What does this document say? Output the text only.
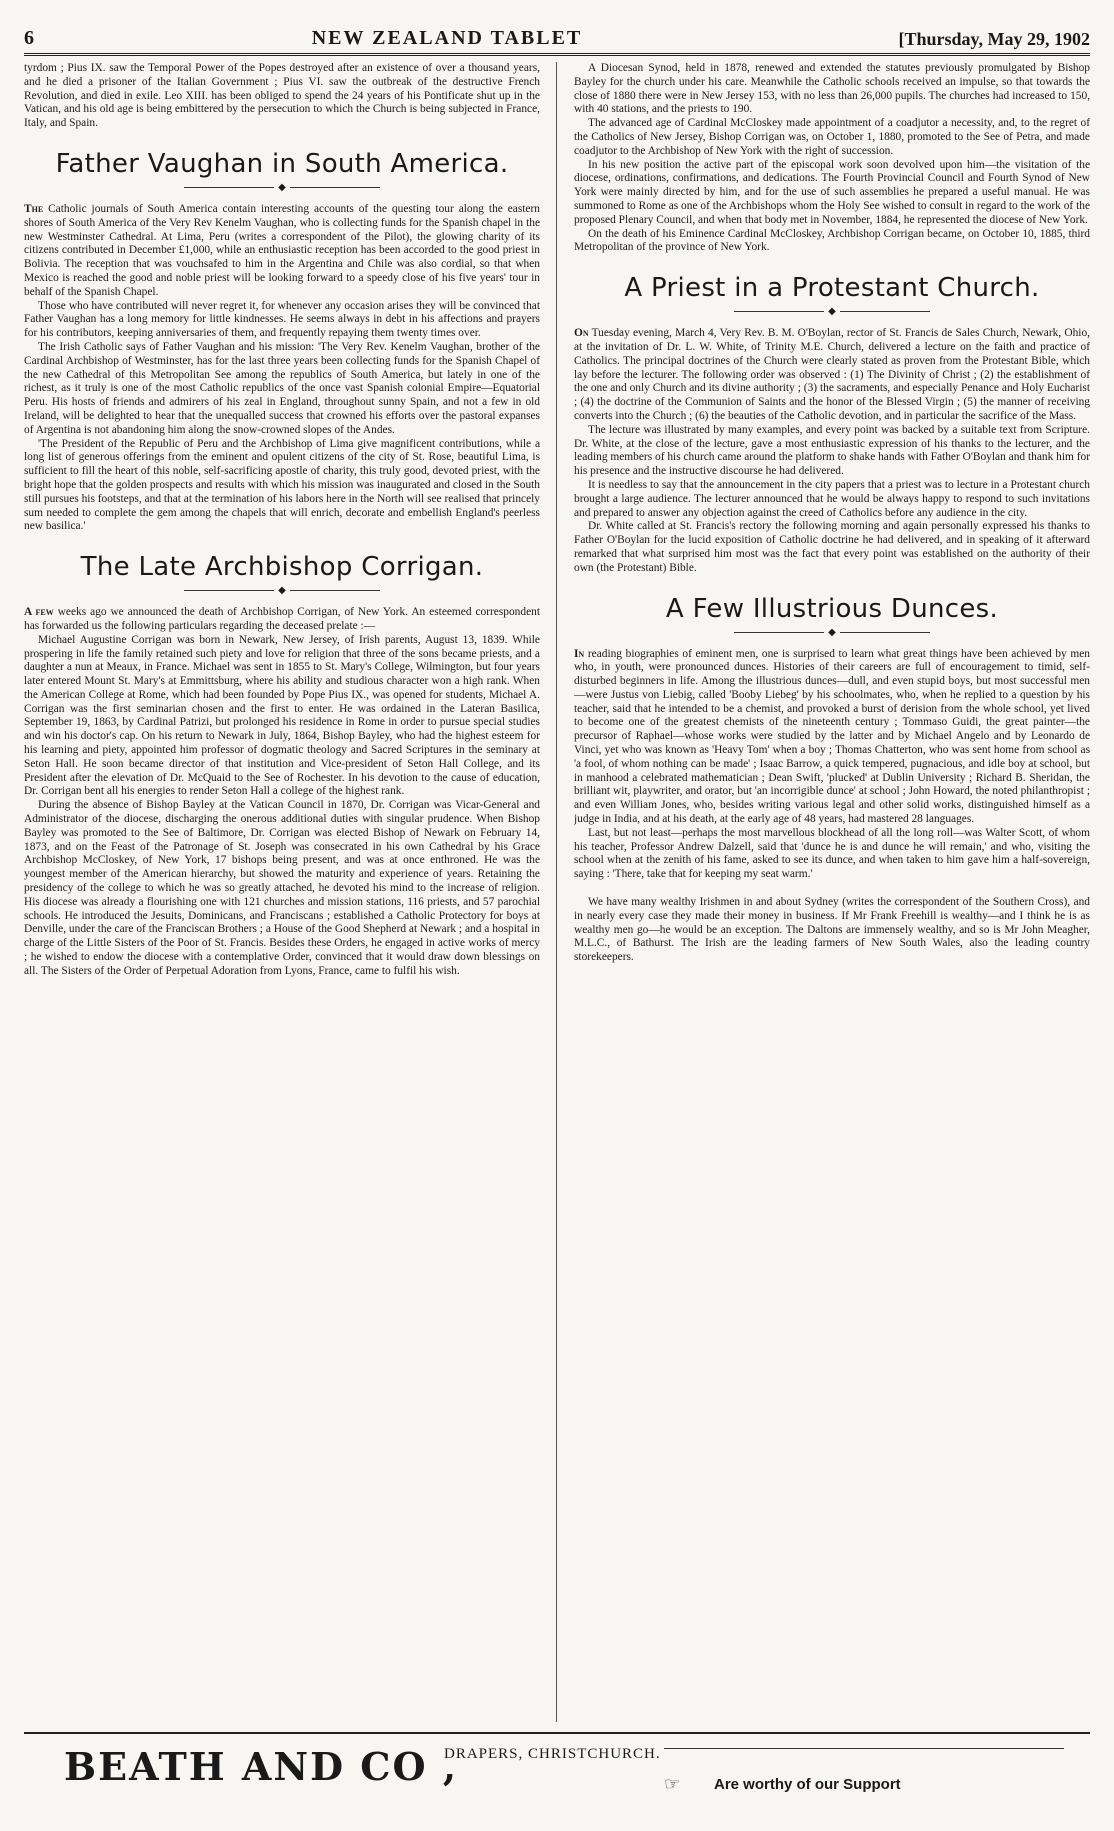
6	NEW ZEALAND TABLET	[Thursday, May 29, 1902

tyrdom ; Pius IX. saw the Temporal Power of the Popes destroyed after an existence of over a thousand years, and he died a prisoner of the Italian Government ; Pius VI. saw the outbreak of the destructive French Revolution, and died in exile. Leo XIII. has been obliged to spend the 24 years of his Pontificate shut up in the Vatican, and his old age is being embittered by the persecution to which the Church is being subjected in France, Italy, and Spain.

Father Vaughan in South America.
◆

The Catholic journals of South America contain interesting accounts of the questing tour along the eastern shores of South America of the Very Rev Kenelm Vaughan, who is collecting funds for the Spanish chapel in the new Westminster Cathedral. At Lima, Peru (writes a correspondent of the Pilot), the glowing charity of its citizens contributed in December £1,000, while an enthusiastic reception has been accorded to the good priest in Bolivia. The reception that was vouchsafed to him in the Argentina and Chile was also cordial, so that when Mexico is reached the good and noble priest will be looking forward to a speedy close of his five years' tour in behalf of the Spanish Chapel.

Those who have contributed will never regret it, for whenever any occasion arises they will be convinced that Father Vaughan has a long memory for little kindnesses. He seems always in debt in his affections and prayers for his contributors, keeping anniversaries of them, and frequently repaying them twenty times over.

The Irish Catholic says of Father Vaughan and his mission: 'The Very Rev. Kenelm Vaughan, brother of the Cardinal Archbishop of Westminster, has for the last three years been collecting funds for the Spanish Chapel of the new Cathedral of this Metropolitan See among the republics of South America, but lately in one of the richest, as it truly is one of the most Catholic republics of the once vast Spanish colonial Empire—Equatorial Peru. His hosts of friends and admirers of his zeal in England, throughout sunny Spain, and not a few in old Ireland, will be delighted to hear that the unequalled success that crowned his efforts over the pastoral expanses of Argentina is not abandoning him along the snow-crowned slopes of the Andes.

'The President of the Republic of Peru and the Archbishop of Lima give magnificent contributions, while a long list of generous offerings from the eminent and opulent citizens of the city of St. Rose, beautiful Lima, is sufficient to fill the heart of this noble, self-sacrificing apostle of charity, this truly good, devoted priest, with the bright hope that the golden prospects and results with which his mission was inaugurated and closed in the South still pursues his footsteps, and that at the termination of his labors here in the North will see realised that princely sum needed to complete the gem among the chapels that will enrich, decorate and embellish England's peerless new basilica.'

The Late Archbishop Corrigan.
◆

A few weeks ago we announced the death of Archbishop Corrigan, of New York. An esteemed correspondent has forwarded us the following particulars regarding the deceased prelate :—

Michael Augustine Corrigan was born in Newark, New Jersey, of Irish parents, August 13, 1839. While prospering in life the family retained such piety and love for religion that three of the sons became priests, and a daughter a nun at Meaux, in France. Michael was sent in 1855 to St. Mary's College, Wilmington, but four years later entered Mount St. Mary's at Emmittsburg, where his ability and studious character won a high rank. When the American College at Rome, which had been founded by Pope Pius IX., was opened for students, Michael A. Corrigan was the first seminarian chosen and the first to enter. He was ordained in the Lateran Basilica, September 19, 1863, by Cardinal Patrizi, but prolonged his residence in Rome in order to pursue special studies and win his doctor's cap. On his return to Newark in July, 1864, Bishop Bayley, who had the highest esteem for his learning and piety, appointed him professor of dogmatic theology and Sacred Scriptures in the seminary at Seton Hall. He soon became director of that institution and Vice-president of Seton Hall College, and its President after the elevation of Dr. McQuaid to the See of Rochester. In his devotion to the cause of education, Dr. Corrigan bent all his energies to render Seton Hall a college of the highest rank.

During the absence of Bishop Bayley at the Vatican Council in 1870, Dr. Corrigan was Vicar-General and Administrator of the diocese, discharging the onerous additional duties with singular prudence. When Bishop Bayley was promoted to the See of Baltimore, Dr. Corrigan was elected Bishop of Newark on February 14, 1873, and on the Feast of the Patronage of St. Joseph was consecrated in his own Cathedral by his Grace Archbishop McCloskey, of New York, 17 bishops being present, and was at once enthroned. He was the youngest member of the American hierarchy, but showed the maturity and experience of years. Retaining the presidency of the college to which he was so greatly attached, he devoted his mind to the increase of religion. His diocese was already a flourishing one with 121 churches and mission stations, 116 priests, and 57 parochial schools. He introduced the Jesuits, Dominicans, and Franciscans ; established a Catholic Protectory for boys at Denville, under the care of the Franciscan Brothers ; a House of the Good Shepherd at Newark ; and a hospital in charge of the Little Sisters of the Poor of St. Francis. Besides these Orders, he engaged in active works of mercy ; he wished to endow the diocese with a contemplative Order, convinced that it would draw down blessings on all. The Sisters of the Order of Perpetual Adoration from Lyons, France, came to fulfil his wish.

A Diocesan Synod, held in 1878, renewed and extended the statutes previously promulgated by Bishop Bayley for the church under his care. Meanwhile the Catholic schools received an impulse, so that towards the close of 1880 there were in New Jersey 153, with no less than 26,000 pupils. The churches had increased to 150, with 40 stations, and the priests to 190.

The advanced age of Cardinal McCloskey made appointment of a coadjutor a necessity, and, to the regret of the Catholics of New Jersey, Bishop Corrigan was, on October 1, 1880, promoted to the See of Petra, and made coadjutor to the Archbishop of New York with the right of succession.

In his new position the active part of the episcopal work soon devolved upon him—the visitation of the diocese, ordinations, confirmations, and dedications. The Fourth Provincial Council and Fourth Synod of New York were mainly directed by him, and for the use of such assemblies he prepared a useful manual. He was summoned to Rome as one of the Archbishops whom the Holy See wished to consult in regard to the work of the proposed Plenary Council, and when that body met in November, 1884, he represented the diocese of New York.

On the death of his Eminence Cardinal McCloskey, Archbishop Corrigan became, on October 10, 1885, third Metropolitan of the province of New York.

A Priest in a Protestant Church.
◆

On Tuesday evening, March 4, Very Rev. B. M. O'Boylan, rector of St. Francis de Sales Church, Newark, Ohio, at the invitation of Dr. L. W. White, of Trinity M.E. Church, delivered a lecture on the faith and practice of Catholics. The principal doctrines of the Church were clearly stated as proven from the Protestant Bible, which lay before the lecturer. The following order was observed : (1) The Divinity of Christ ; (2) the establishment of the one and only Church and its divine authority ; (3) the sacraments, and especially Penance and Holy Eucharist ; (4) the doctrine of the Communion of Saints and the honor of the Blessed Virgin ; (5) the manner of receiving converts into the Church ; (6) the beauties of the Catholic devotion, and in particular the sacrifice of the Mass.

The lecture was illustrated by many examples, and every point was backed by a suitable text from Scripture. Dr. White, at the close of the lecture, gave a most enthusiastic expression of his thanks to the lecturer, and the leading members of his church came around the platform to shake hands with Father O'Boylan and thank him for his presence and the instructive discourse he had delivered.

It is needless to say that the announcement in the city papers that a priest was to lecture in a Protestant church brought a large audience. The lecturer announced that he would be always happy to respond to such invitations and prepared to answer any objection against the creed of Catholics before any audience in the city.

Dr. White called at St. Francis's rectory the following morning and again personally expressed his thanks to Father O'Boylan for the lucid exposition of Catholic doctrine he had delivered, and in speaking of it afterward remarked that what surprised him most was the fact that every point was established on the authority of their own (the Protestant) Bible.

A Few Illustrious Dunces.
◆

In reading biographies of eminent men, one is surprised to learn what great things have been achieved by men who, in youth, were pronounced dunces. Histories of their careers are full of encouragement to timid, self-disturbed beginners in life. Among the illustrious dunces—dull, and even stupid boys, but most successful men—were Justus von Liebig, called 'Booby Liebeg' by his schoolmates, who, when he replied to a question by his teacher, said that he intended to be a chemist, and provoked a burst of derision from the whole school, yet lived to become one of the greatest chemists of the nineteenth century ; Tommaso Guidi, the great painter—the precursor of Raphael—whose works were studied by the latter and by Michael Angelo and by Leonardo de Vinci, yet who was known as 'Heavy Tom' when a boy ; Thomas Chatterton, who was sent home from school as 'a fool, of whom nothing can be made' ; Isaac Barrow, a quick tempered, pugnacious, and idle boy at school, but in manhood a celebrated mathematician ; Dean Swift, 'plucked' at Dublin University ; Richard B. Sheridan, the brilliant wit, playwriter, and orator, but 'an incorrigible dunce' at school ; John Howard, the noted philanthropist ; and even William Jones, who, besides writing various legal and other solid works, distinguished himself as a judge in India, and at his death, at the early age of 48 years, had mastered 28 languages.

Last, but not least—perhaps the most marvellous blockhead of all the long roll—was Walter Scott, of whom his teacher, Professor Andrew Dalzell, said that 'dunce he is and dunce he will remain,' and who, visiting the school when at the zenith of his fame, asked to see its dunce, and when taken to him gave him a half-sovereign, saying : 'There, take that for keeping my seat warm.'

We have many wealthy Irishmen in and about Sydney (writes the correspondent of the Southern Cross), and in nearly every case they made their money in business. If Mr Frank Freehill is wealthy—and I think he is as wealthy men go—he would be an exception. The Daltons are immensely wealthy, and so is Mr John Meagher, M.L.C., of Bathurst. The Irish are the leading farmers of New South Wales, also the leading country storekeepers.

BEATH AND CO ,
DRAPERS, CHRISTCHURCH.
☞ Are worthy of our Support
